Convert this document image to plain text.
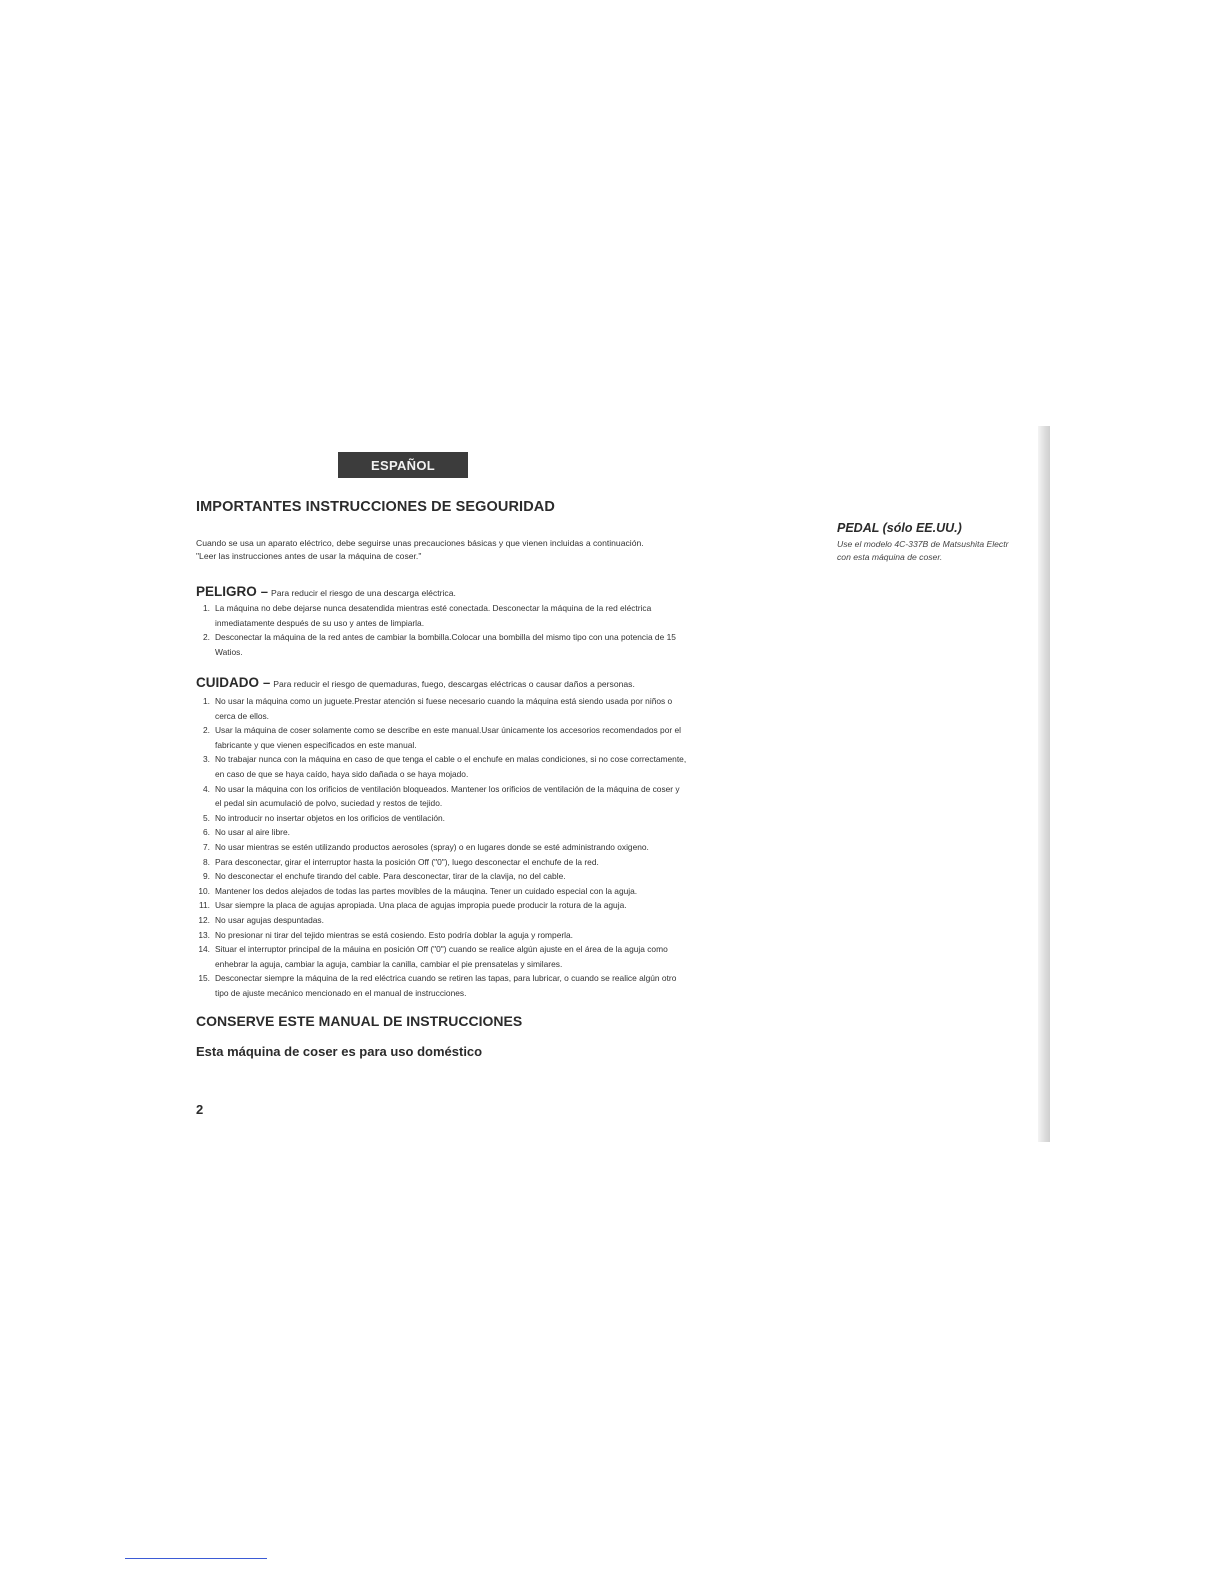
ESPAÑOL
IMPORTANTES INSTRUCCIONES DE SEGOURIDAD

Cuando se usa un aparato eléctrico, debe seguirse unas precauciones básicas y que vienen incluidas a continuación.

"Leer las instrucciones antes de usar la máquina de coser."

PELIGRO – Para reducir el riesgo de una descarga eléctrica.
1. La máquina no debe dejarse nunca desatendida mientras esté conectada. Desconectar la máquina de la red eléctrica
inmediatamente después de su uso y antes de limpiarla.
2. Desconectar la máquina de la red antes de cambiar la bombilla.Colocar una bombilla del mismo tipo con una potencia de 15
Watios.
CUIDADO – Para reducir el riesgo de quemaduras, fuego, descargas eléctricas o causar daños a personas.
1. No usar la máquina como un juguete.Prestar atención si fuese necesario cuando la máquina está siendo usada por niños o
cerca de ellos.
2. Usar la máquina de coser solamente como se describe en este manual.Usar únicamente los accesorios recomendados por el
fabricante y que vienen especificados en este manual.
3. No trabajar nunca con la máquina en caso de que tenga el cable o el enchufe en malas condiciones, si no cose correctamente,
en caso de que se haya caído, haya sido dañada o se haya mojado.
4. No usar la máquina con los orificios de ventilación bloqueados. Mantener los orificios de ventilación de la máquina de coser y
el pedal sin acumulació de polvo, suciedad y restos de tejido.
5. No introducir no insertar objetos en los orificios de ventilación.
6. No usar al aire libre.
7. No usar mientras se estén utilizando productos aerosoles (spray) o en lugares donde se esté administrando oxigeno.
8. Para desconectar, girar el interruptor hasta la posición Off ("0"), luego desconectar el enchufe de la red.
9. No desconectar el enchufe tirando del cable. Para desconectar, tirar de la clavija, no del cable.
10. Mantener los dedos alejados de todas las partes movibles de la máuqina. Tener un cuidado especial con la aguja.
11. Usar siempre la placa de agujas apropiada. Una placa de agujas impropia puede producir la rotura de la aguja.
12. No usar agujas despuntadas.
13. No presionar ni tirar del tejido mientras se está cosiendo. Esto podría doblar la aguja y romperla.
14. Situar el interruptor principal de la máuina en posición Off ("0") cuando se realice algún ajuste en el área de la aguja como
enhebrar la aguja, cambiar la aguja, cambiar la canilla, cambiar el pie prensatelas y similares.
15. Desconectar siempre la máquina de la red eléctrica cuando se retiren las tapas, para lubricar, o cuando se realice algún otro
tipo de ajuste mecánico mencionado en el manual de instrucciones.
CONSERVE ESTE MANUAL DE INSTRUCCIONES
Esta máquina de coser es para uso doméstico
2
PEDAL (sólo EE.UU.)

Use el modelo 4C-337B de Matsushita Electr

con esta máquina de coser.
